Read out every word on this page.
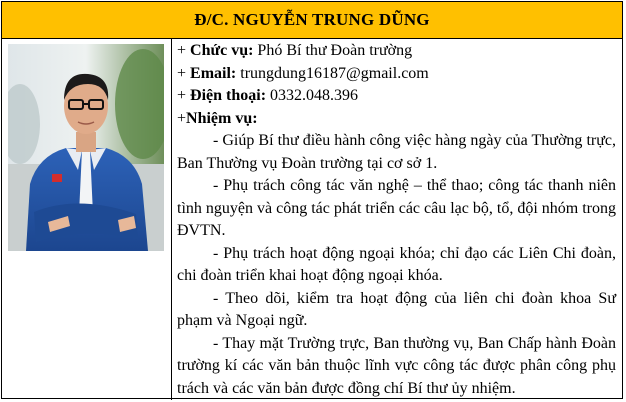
Đ/C. NGUYỄN TRUNG DŨNG
+ Chức vụ: Phó Bí thư Đoàn trường
+ Email: trungdung16187@gmail.com
+ Điện thoại: 0332.048.396
+Nhiệm vụ:
- Giúp Bí thư điều hành công việc hàng ngày của Thường trực, Ban Thường vụ Đoàn trường tại cơ sở 1.
- Phụ trách công tác văn nghệ – thể thao; công tác thanh niên tình nguyện và công tác phát triển các câu lạc bộ, tổ, đội nhóm trong ĐVTN.
- Phụ trách hoạt động ngoại khóa; chỉ đạo các Liên Chi đoàn, chi đoàn triển khai hoạt động ngoại khóa.
- Theo dõi, kiểm tra hoạt động của liên chi đoàn khoa Sư phạm và Ngoại ngữ.
- Thay mặt Trường trực, Ban thường vụ, Ban Chấp hành Đoàn trường kí các văn bản thuộc lĩnh vực công tác được phân công phụ trách và các văn bản được đồng chí Bí thư ủy nhiệm.
